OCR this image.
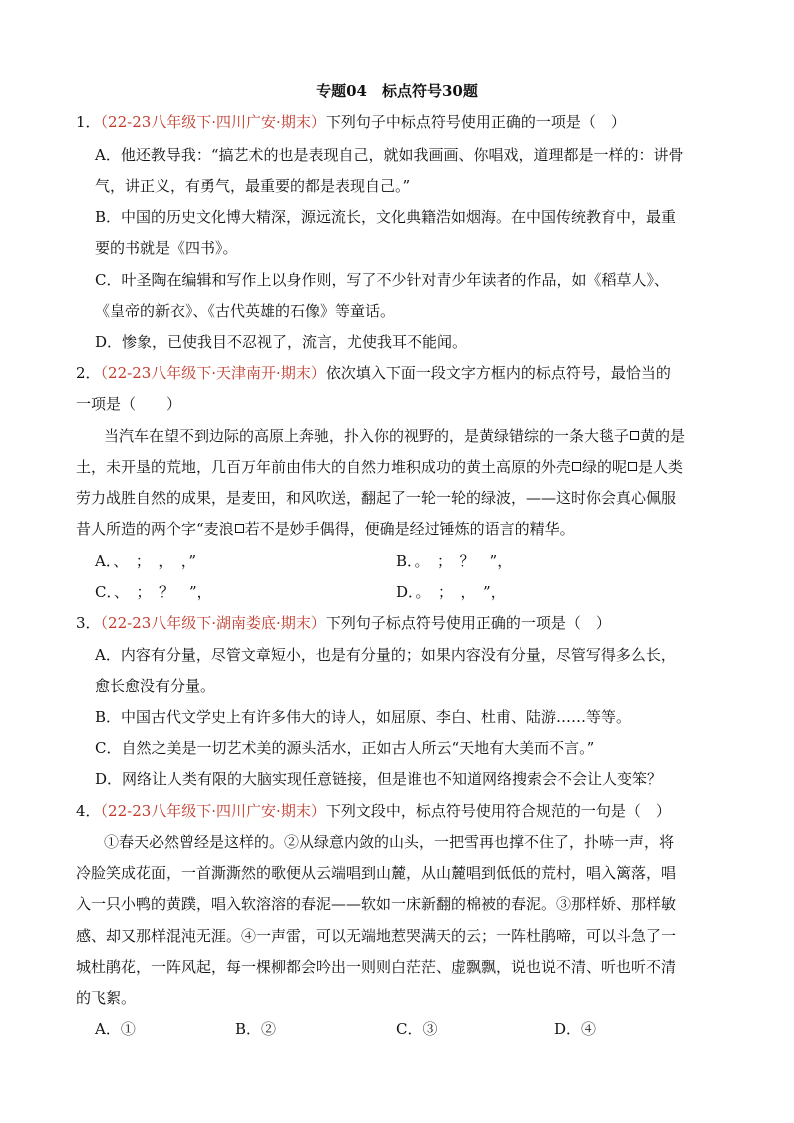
专题04　标点符号30题
1．（22-23八年级下·四川广安·期末）下列句子中标点符号使用正确的一项是（　）
A．他还教导我：“搞艺术的也是表现自己，就如我画画、你唱戏，道理都是一样的：讲骨
气，讲正义，有勇气，最重要的都是表现自己。”
B．中国的历史文化博大精深，源远流长，文化典籍浩如烟海。在中国传统教育中，最重
要的书就是《四书》。
C．叶圣陶在编辑和写作上以身作则，写了不少针对青少年读者的作品，如《稻草人》、
《皇帝的新衣》、《古代英雄的石像》等童话。
D．惨象，已使我目不忍视了，流言，尤使我耳不能闻。
2．（22-23八年级下·天津南开·期末）依次填入下面一段文字方框内的标点符号，最恰当的
一项是（　　）
当汽车在望不到边际的高原上奔驰，扑入你的视野的，是黄绿错综的一条大毯子 黄的是
土，未开垦的荒地，几百万年前由伟大的自然力堆积成功的黄土高原的外壳 绿的呢 是人类
劳力战胜自然的成果，是麦田，和风吹送，翻起了一轮一轮的绿波，——这时你会真心佩服
昔人所造的两个字“麦浪 若不是妙手偶得，便确是经过锤炼的语言的精华。
A．、　；　，　，”	B．。　；　？　”，
C．、　；　？　”，	D．。　；　，　”，
3．（22-23八年级下·湖南娄底·期末）下列句子标点符号使用正确的一项是（　）
A．内容有分量，尽管文章短小，也是有分量的；如果内容没有分量，尽管写得多么长，
愈长愈没有分量。
B．中国古代文学史上有许多伟大的诗人，如屈原、李白、杜甫、陆游……等等。
C．自然之美是一切艺术美的源头活水，正如古人所云“天地有大美而不言。”
D．网络让人类有限的大脑实现任意链接，但是谁也不知道网络搜索会不会让人变笨？
4．（22-23八年级下·四川广安·期末）下列文段中，标点符号使用符合规范的一句是（　）
①春天必然曾经是这样的。②从绿意内敛的山头，一把雪再也撑不住了，扑哧一声，将
冷脸笑成花面，一首澌澌然的歌便从云端唱到山麓，从山麓唱到低低的荒村，唱入篱落，唱
入一只小鸭的黄蹼，唱入软溶溶的春泥——软如一床新翻的棉被的春泥。③那样娇、那样敏
感、却又那样混沌无涯。④一声雷，可以无端地惹哭满天的云；一阵杜鹃啼，可以斗急了一
城杜鹃花，一阵风起，每一棵柳都会吟出一则则白茫茫、虚飘飘，说也说不清、听也听不清
的飞絮。
A．①	B．②	C．③	D．④
